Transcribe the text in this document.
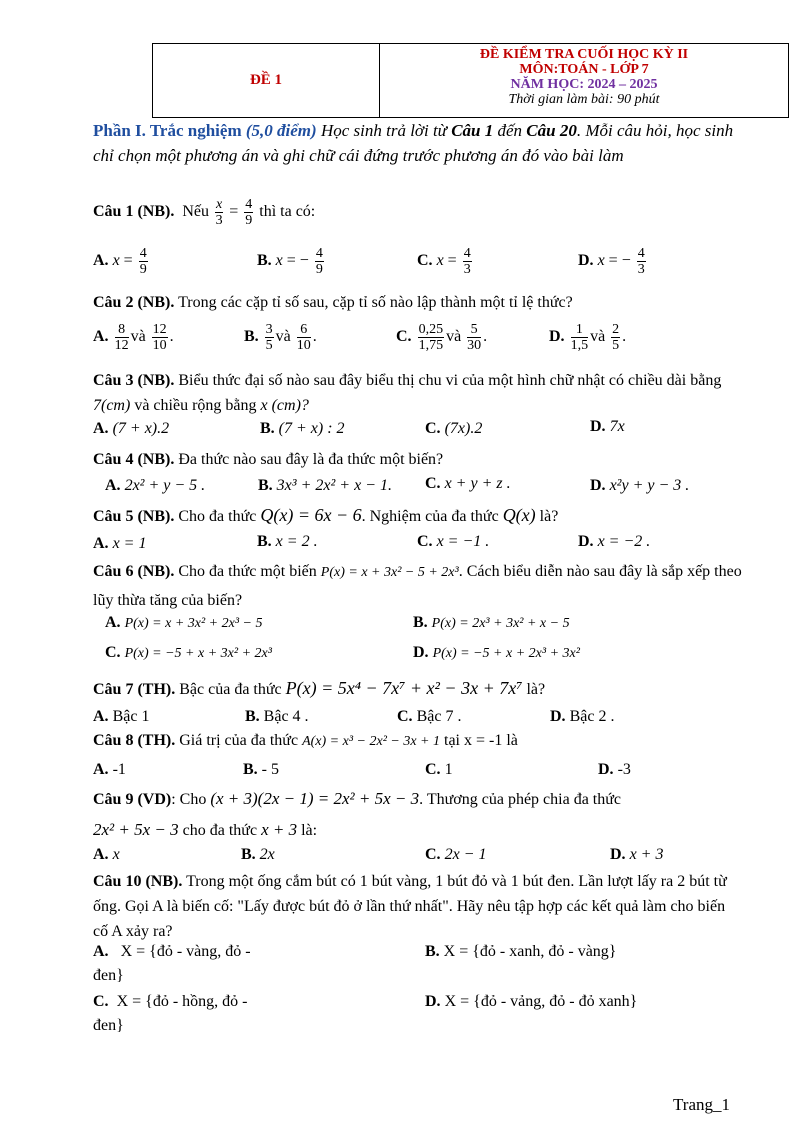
ĐỀ 1
ĐỀ KIỂM TRA CUỐI HỌC KỲ II
MÔN:TOÁN - LỚP 7
NĂM HỌC: 2024 – 2025
Thời gian làm bài: 90 phút
Phần I. Trắc nghiệm (5,0 điểm) Học sinh trả lời từ Câu 1 đến Câu 20. Mỗi câu hỏi, học sinh chỉ chọn một phương án và ghi chữ cái đứng trước phương án đó vào bài làm
Câu 1 (NB). Nếu $\frac{x}{3} = \frac{4}{9}$ thì ta có:
A. $x = \frac{4}{9}$	B. x = − $\frac{4}{9}$	C. $x = \frac{4}{3}$	D. x = − $\frac{4}{3}$
Câu 2 (NB). Trong các cặp tỉ số sau, cặp tỉ số nào lập thành một tỉ lệ thức?
A. $\frac{8}{12}$ và $\frac{12}{10}$ .	B. $\frac{3}{5}$ và $\frac{6}{10}$ .	C. $\frac{0,25}{1,75}$ và $\frac{5}{30}$ .	D. $\frac{1}{1,5}$ và $\frac{2}{5}$ .
Câu 3 (NB). Biểu thức đại số nào sau đây biểu thị chu vi của một hình chữ nhật có chiều dài bằng 7(cm) và chiều rộng bằng x (cm)?
A. (7 + x).2	B. (7 + x) : 2	C. (7x).2	D. 7x
Câu 4 (NB). Đa thức nào sau đây là đa thức một biến?
A. 2x² + y − 5 .	B. 3x³ + 2x² + x − 1. C. x + y + z .	D. x²y + y − 3 .
Câu 5 (NB). Cho đa thức Q(x) = 6x − 6. Nghiệm của đa thức Q(x) là?
A. x = 1	B. x = 2 .	C. x = −1 .	D. x = −2 .
Câu 6 (NB). Cho đa thức một biến P(x) = x + 3x² − 5 + 2x³. Cách biểu diễn nào sau đây là sắp xếp theo lũy thừa tăng của biến?
A. P(x) = x + 3x² + 2x³ − 5	B. P(x) = 2x³ + 3x² + x − 5
C. P(x) = −5 + x + 3x² + 2x³	D. P(x) = −5 + x + 2x³ + 3x²
Câu 7 (TH). Bậc của đa thức P(x) = 5x⁴ − 7x⁷ + x² − 3x + 7x⁷ là?
A. Bậc 1	B. Bậc 4 .	C. Bậc 7 .	D. Bậc 2 .
Câu 8 (TH). Giá trị của đa thức A(x) = x³ − 2x² − 3x + 1 tại x = -1 là
A. -1	B. - 5	C. 1	D. -3
Câu 9 (VD): Cho (x + 3)(2x − 1) = 2x² + 5x − 3. Thương của phép chia đa thức
2x² + 5x − 3 cho đa thức x + 3 là:
A. x	B. 2x	C. 2x − 1	D. x + 3
Câu 10 (NB). Trong một ống cắm bút có 1 bút vàng, 1 bút đỏ và 1 bút đen. Lần lượt lấy ra 2 bút từ ống. Gọi A là biến cố: "Lấy được bút đỏ ở lần thứ nhất". Hãy nêu tập hợp các kết quả làm cho biến cố A xảy ra?
A. X = {đỏ - vàng, đỏ -
đen}
B. X = {đỏ - xanh, đỏ - vàng}
C. X = {đỏ - hồng, đỏ -
đen}
D. X = {đỏ - vảng, đỏ - đỏ xanh}
Trang_1
